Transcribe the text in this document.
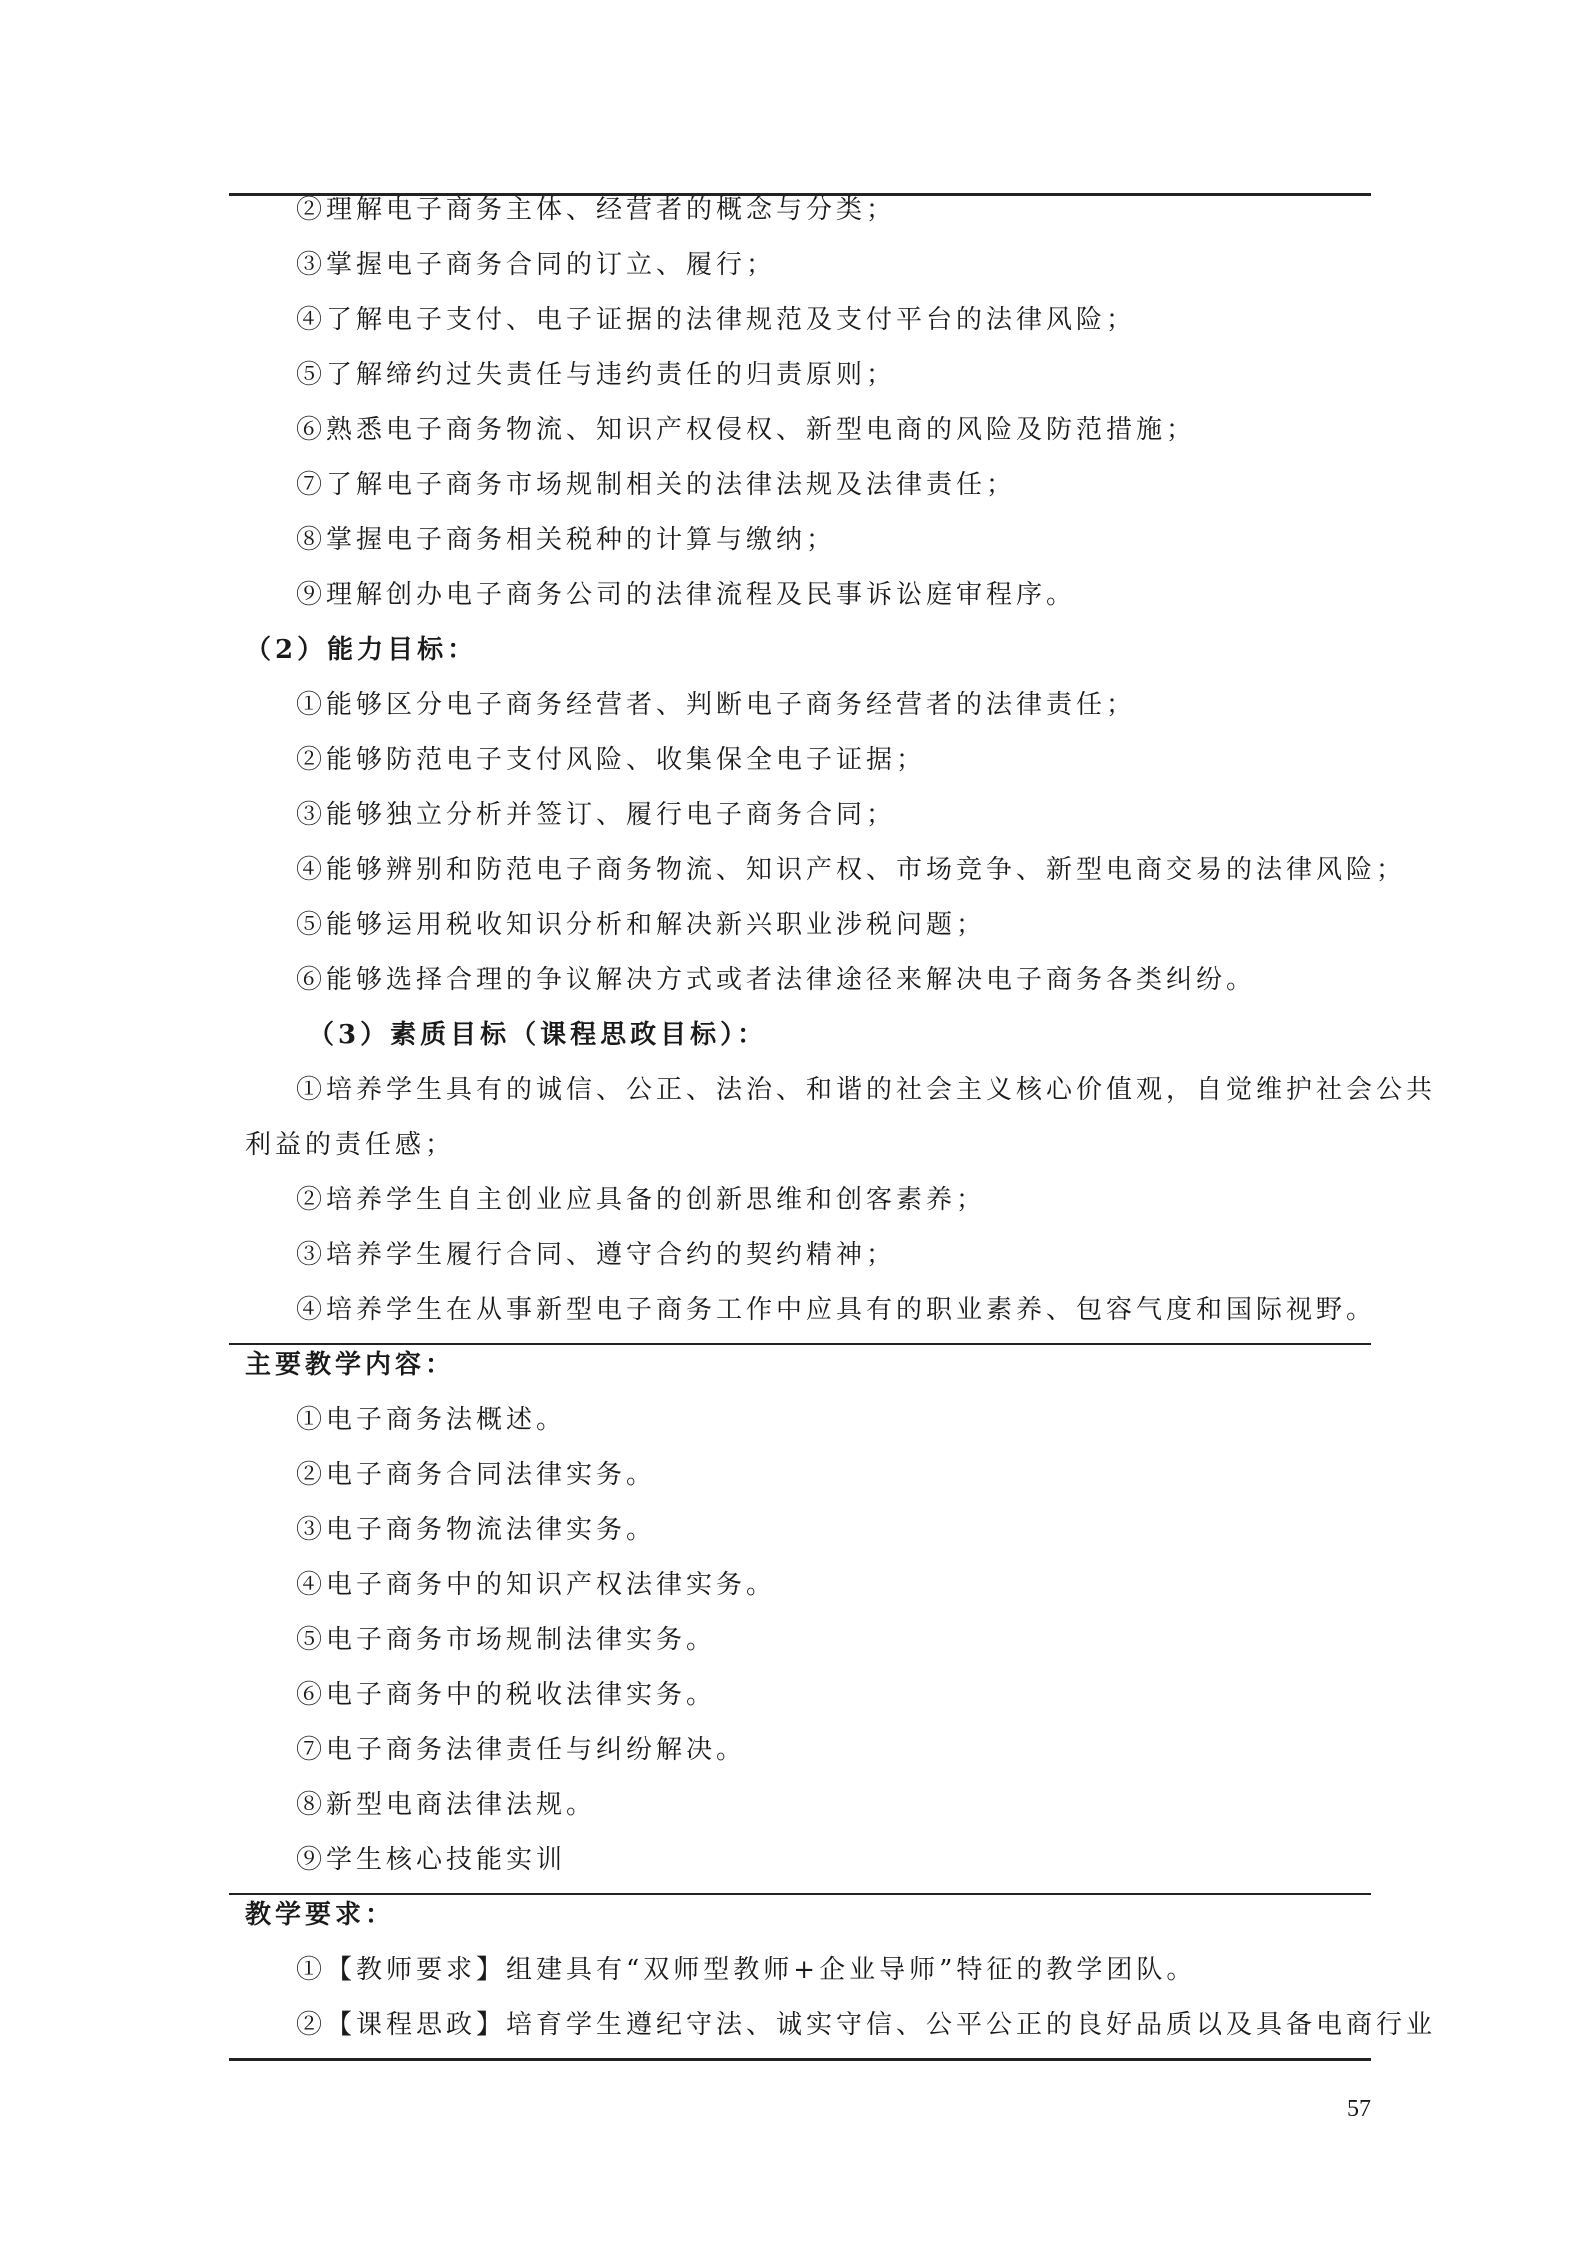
②理解电子商务主体、经营者的概念与分类；
③掌握电子商务合同的订立、履行；
④了解电子支付、电子证据的法律规范及支付平台的法律风险；
⑤了解缔约过失责任与违约责任的归责原则；
⑥熟悉电子商务物流、知识产权侵权、新型电商的风险及防范措施；
⑦了解电子商务市场规制相关的法律法规及法律责任；
⑧掌握电子商务相关税种的计算与缴纳；
⑨理解创办电子商务公司的法律流程及民事诉讼庭审程序。
（2）能力目标：
①能够区分电子商务经营者、判断电子商务经营者的法律责任；
②能够防范电子支付风险、收集保全电子证据；
③能够独立分析并签订、履行电子商务合同；
④能够辨别和防范电子商务物流、知识产权、市场竞争、新型电商交易的法律风险；
⑤能够运用税收知识分析和解决新兴职业涉税问题；
⑥能够选择合理的争议解决方式或者法律途径来解决电子商务各类纠纷。
（3）素质目标（课程思政目标）：
①培养学生具有的诚信、公正、法治、和谐的社会主义核心价值观，自觉维护社会公共
利益的责任感；
②培养学生自主创业应具备的创新思维和创客素养；
③培养学生履行合同、遵守合约的契约精神；
④培养学生在从事新型电子商务工作中应具有的职业素养、包容气度和国际视野。
主要教学内容：
①电子商务法概述。
②电子商务合同法律实务。
③电子商务物流法律实务。
④电子商务中的知识产权法律实务。
⑤电子商务市场规制法律实务。
⑥电子商务中的税收法律实务。
⑦电子商务法律责任与纠纷解决。
⑧新型电商法律法规。
⑨学生核心技能实训
教学要求：
①【教师要求】组建具有“双师型教师+企业导师”特征的教学团队。
②【课程思政】培育学生遵纪守法、诚实守信、公平公正的良好品质以及具备电商行业
57
